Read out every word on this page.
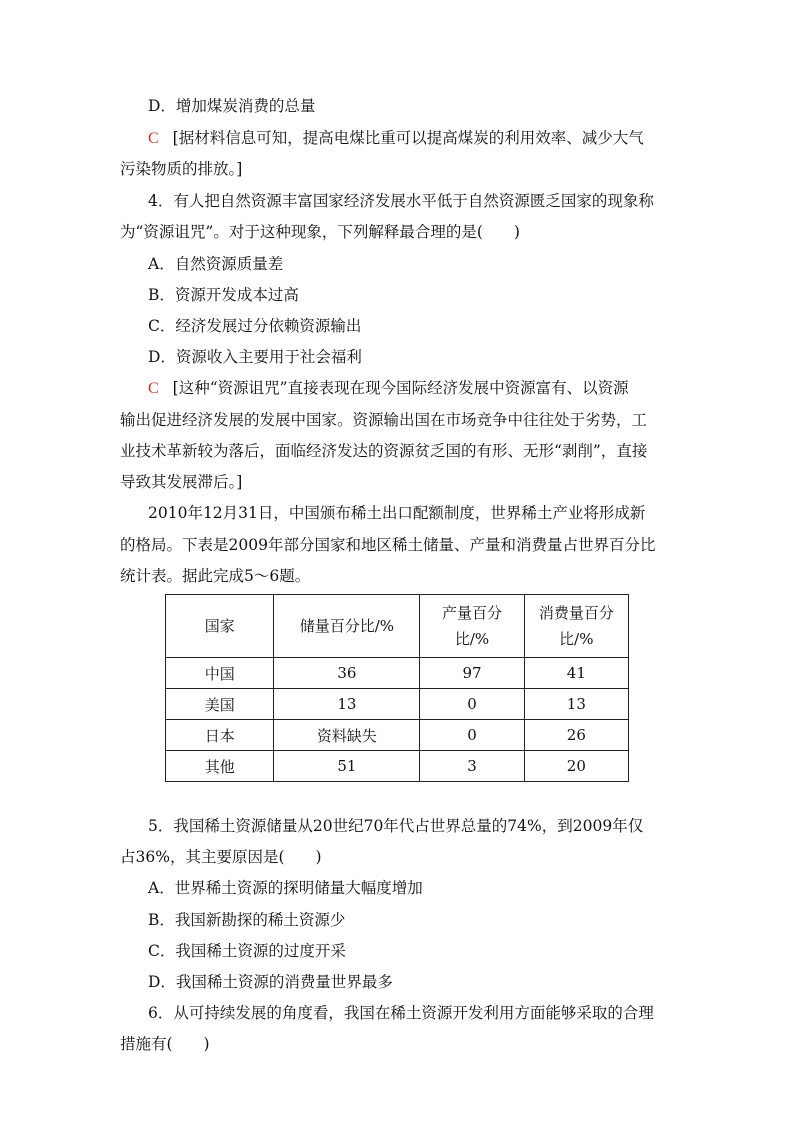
D．增加煤炭消费的总量
C [据材料信息可知，提高电煤比重可以提高煤炭的利用效率、减少大气
污染物质的排放。]
4．有人把自然资源丰富国家经济发展水平低于自然资源匮乏国家的现象称
为“资源诅咒”。对于这种现象，下列解释最合理的是(　　)
A．自然资源质量差
B．资源开发成本过高
C．经济发展过分依赖资源输出
D．资源收入主要用于社会福利
C [这种“资源诅咒”直接表现在现今国际经济发展中资源富有、以资源
输出促进经济发展的发展中国家。资源输出国在市场竞争中往往处于劣势，工
业技术革新较为落后，面临经济发达的资源贫乏国的有形、无形“剥削”，直接
导致其发展滞后。]
2010年12月31日，中国颁布稀土出口配额制度，世界稀土产业将形成新
的格局。下表是2009年部分国家和地区稀土储量、产量和消费量占世界百分比
统计表。据此完成5～6题。
国家	储量百分比/%	产量百分比/%	消费量百分比/%
中国	36	97	41
美国	13	0	13
日本	资料缺失	0	26
其他	51	3	20
5．我国稀土资源储量从20世纪70年代占世界总量的74%，到2009年仅
占36%，其主要原因是(　　)
A．世界稀土资源的探明储量大幅度增加
B．我国新勘探的稀土资源少
C．我国稀土资源的过度开采
D．我国稀土资源的消费量世界最多
6．从可持续发展的角度看，我国在稀土资源开发利用方面能够采取的合理
措施有(　　)
